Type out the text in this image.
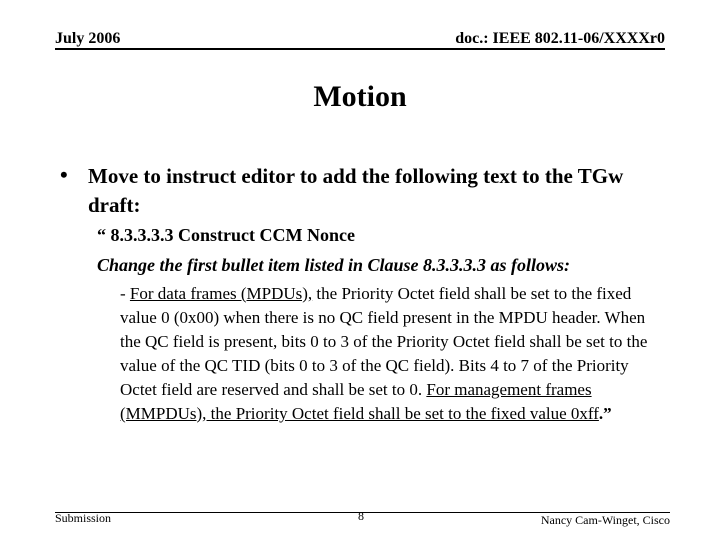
July 2006	doc.: IEEE 802.11-06/XXXXr0
Motion
• Move to instruct editor to add the following text to the TGw draft:
“ 8.3.3.3.3 Construct CCM Nonce
Change the first bullet item listed in Clause 8.3.3.3.3 as follows:
- For data frames (MPDUs), the Priority Octet field shall be set to the fixed value 0 (0x00) when there is no QC field present in the MPDU header. When the QC field is present, bits 0 to 3 of the Priority Octet field shall be set to the value of the QC TID (bits 0 to 3 of the QC field). Bits 4 to 7 of the Priority Octet field are reserved and shall be set to 0. For management frames (MMPDUs), the Priority Octet field shall be set to the fixed value 0xff.”
Submission	8	Nancy Cam-Winget, Cisco
